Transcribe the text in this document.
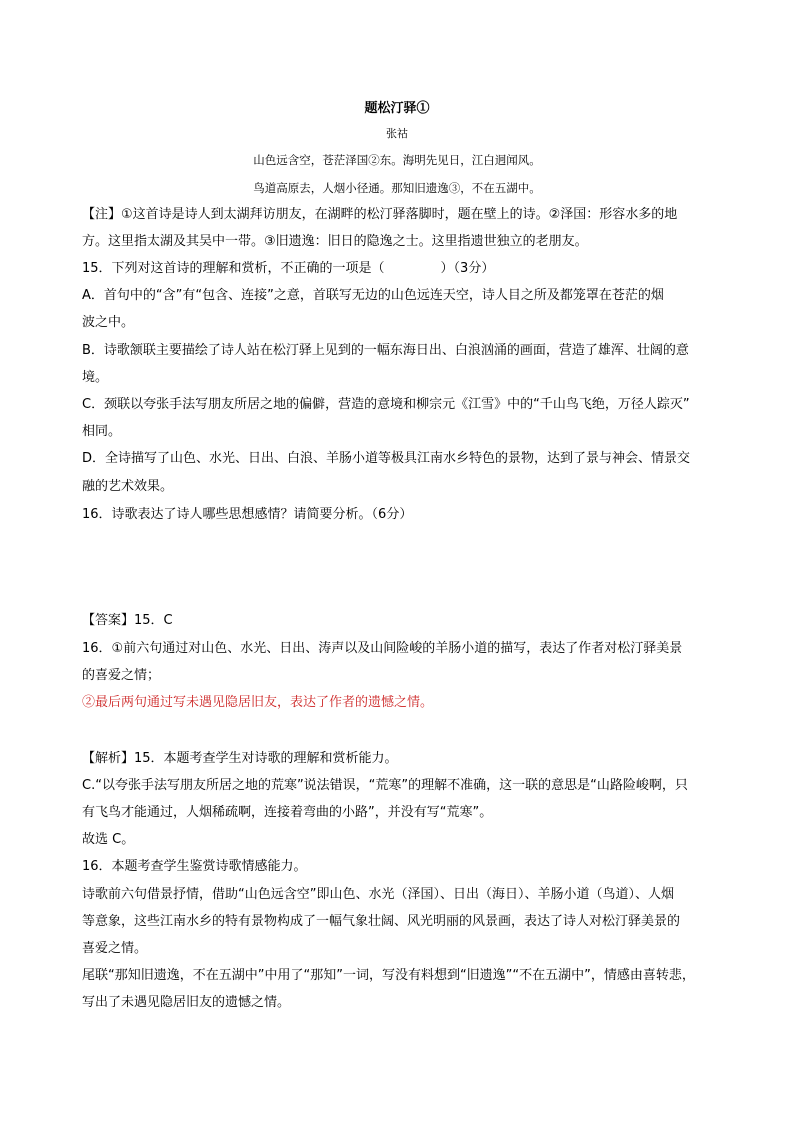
题松汀驿①
张祜
山色远含空，苍茫泽国②东。海明先见日，江白迥闻风。
鸟道高原去，人烟小径通。那知旧遗逸③，不在五湖中。
【注】①这首诗是诗人到太湖拜访朋友，在湖畔的松汀驿落脚时，题在壁上的诗。②泽国：形容水多的地
方。这里指太湖及其吴中一带。③旧遗逸：旧日的隐逸之士。这里指遗世独立的老朋友。
15．下列对这首诗的理解和赏析，不正确的一项是（	）（3分）
A．首句中的“含”有“包含、连接”之意，首联写无边的山色远连天空，诗人目之所及都笼罩在苍茫的烟
波之中。
B．诗歌颔联主要描绘了诗人站在松汀驿上见到的一幅东海日出、白浪汹涌的画面，营造了雄浑、壮阔的意
境。
C．颈联以夸张手法写朋友所居之地的偏僻，营造的意境和柳宗元《江雪》中的“千山鸟飞绝，万径人踪灭”
相同。
D．全诗描写了山色、水光、日出、白浪、羊肠小道等极具江南水乡特色的景物，达到了景与神会、情景交
融的艺术效果。
16．诗歌表达了诗人哪些思想感情？请简要分析。（6分）
【答案】15．C
16．①前六句通过对山色、水光、日出、涛声以及山间险峻的羊肠小道的描写，表达了作者对松汀驿美景
的喜爱之情；
②最后两句通过写未遇见隐居旧友，表达了作者的遗憾之情。
【解析】15．本题考查学生对诗歌的理解和赏析能力。
C.“以夸张手法写朋友所居之地的荒寒”说法错误，“荒寒”的理解不准确，这一联的意思是“山路险峻啊，只
有飞鸟才能通过，人烟稀疏啊，连接着弯曲的小路”，并没有写“荒寒”。
故选 C。
16．本题考查学生鉴赏诗歌情感能力。
诗歌前六句借景抒情，借助“山色远含空”即山色、水光（泽国）、日出（海日）、羊肠小道（鸟道）、人烟
等意象，这些江南水乡的特有景物构成了一幅气象壮阔、风光明丽的风景画，表达了诗人对松汀驿美景的
喜爱之情。
尾联“那知旧遗逸，不在五湖中”中用了“那知”一词，写没有料想到“旧遗逸”“不在五湖中”，情感由喜转悲，
写出了未遇见隐居旧友的遗憾之情。
